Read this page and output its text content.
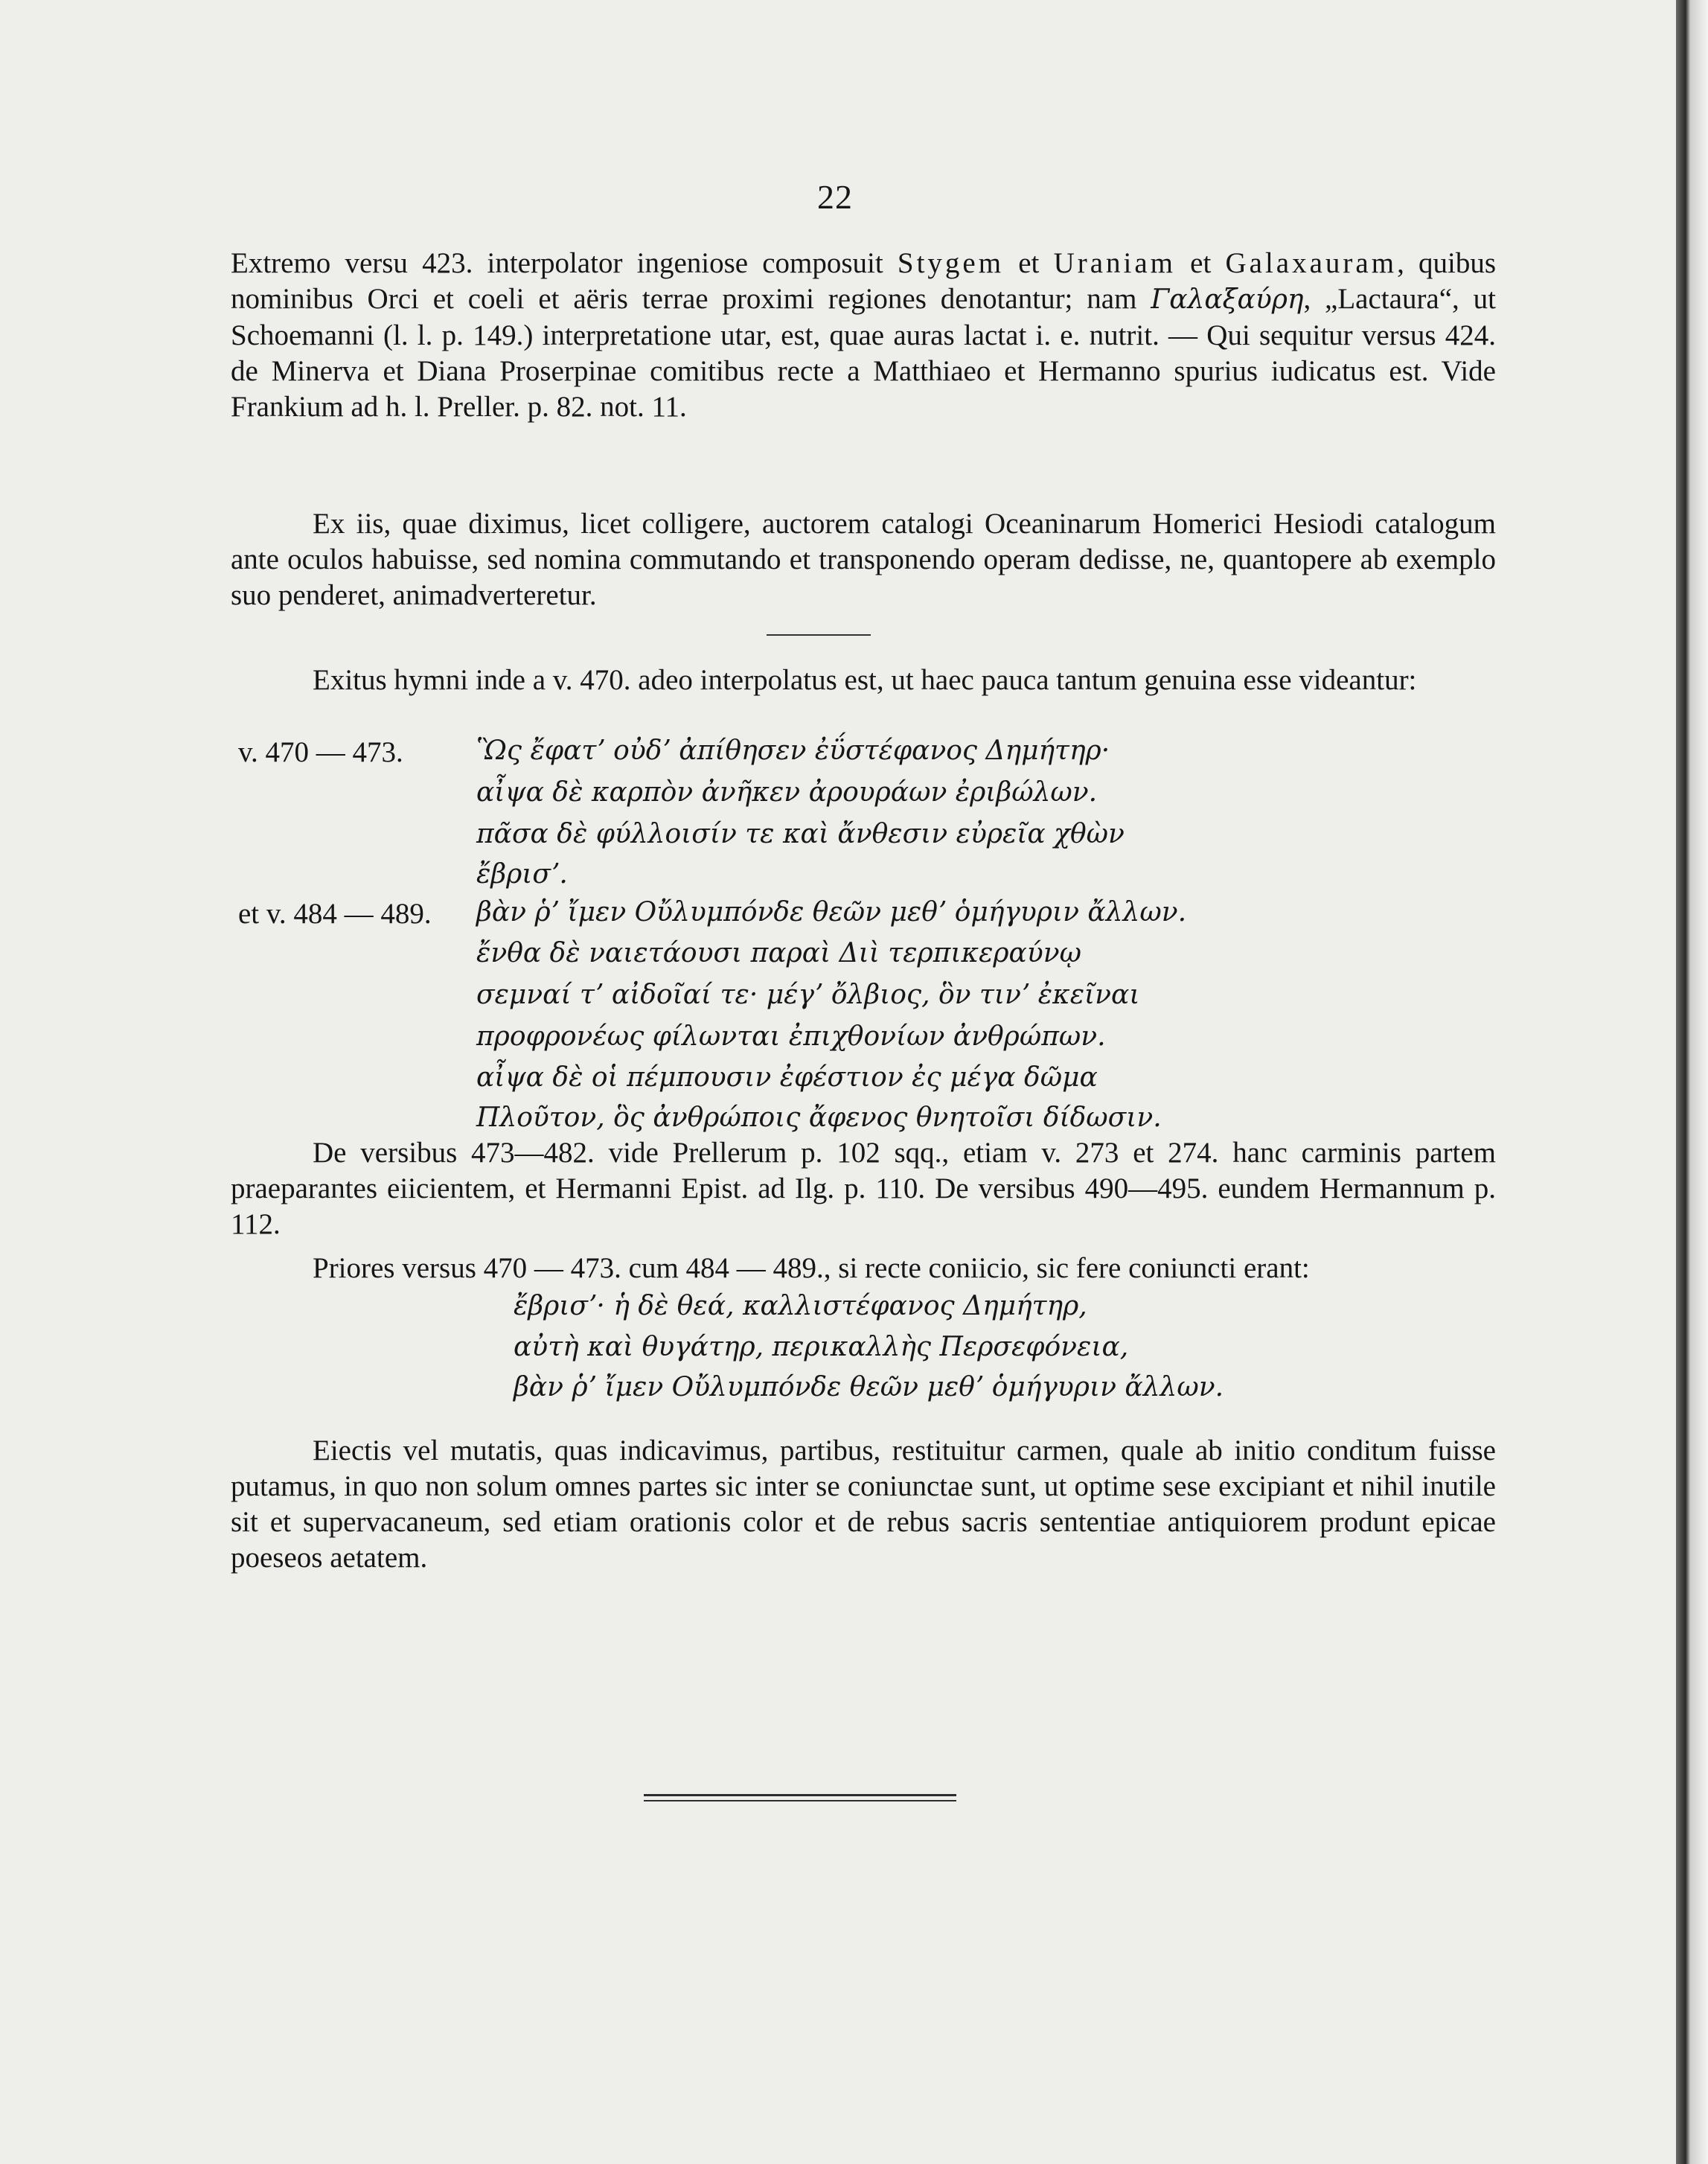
22

Extremo versu 423. interpolator ingeniose composuit Stygem et Uraniam et Galaxauram, quibus nominibus Orci et coeli et aëris terrae proximi regiones denotantur; nam Γαλαξαύρη, „Lactaura“, ut Schoemanni (l. l. p. 149.) interpretatione utar, est, quae auras lactat i. e. nutrit. — Qui sequitur versus 424. de Minerva et Diana Proserpinae comitibus recte a Matthiaeo et Hermanno spurius iudicatus est. Vide Frankium ad h. l. Preller. p. 82. not. 11.

Ex iis, quae diximus, licet colligere, auctorem catalogi Oceaninarum Homerici Hesiodi catalogum ante oculos habuisse, sed nomina commutando et transponendo operam dedisse, ne, quantopere ab exemplo suo penderet, animadverteretur.

Exitus hymni inde a v. 470. adeo interpolatus est, ut haec pauca tantum genuina esse videantur:

v. 470 — 473.	Ὣς ἔφατʼ οὐδʼ ἀπίθησεν ἐΰστέφανος Δημήτηρ·
αἶψα δὲ καρπὸν ἀνῆκεν ἀρουράων ἐριβώλων.
πᾶσα δὲ φύλλοισίν τε καὶ ἄνθεσιν εὐρεῖα χθὼν
ἔβρισʼ.
et v. 484 — 489. βὰν ῥʼ ἴμεν Οὔλυμπόνδε θεῶν μεθʼ ὁμήγυριν ἄλλων.
ἔνθα δὲ ναιετάουσι παραὶ Διὶ τερπικεραύνῳ
σεμναί τʼ αἰδοῖαί τε· μέγʼ ὄλβιος, ὃν τινʼ ἐκεῖναι
προφρονέως φίλωνται ἐπιχθονίων ἀνθρώπων.
αἶψα δὲ οἱ πέμπουσιν ἐφέστιον ἐς μέγα δῶμα
Πλοῦτον, ὃς ἀνθρώποις ἄφενος θνητοῖσι δίδωσιν.

De versibus 473—482. vide Prellerum p. 102 sqq., etiam v. 273 et 274. hanc carminis partem praeparantes eiicientem, et Hermanni Epist. ad Ilg. p. 110. De versibus 490—495. eundem Hermannum p. 112.

Priores versus 470 — 473. cum 484 — 489., si recte coniicio, sic fere coniuncti erant:

ἔβρισʼ· ἡ δὲ θεά, καλλιστέφανος Δημήτηρ,
αὐτὴ καὶ θυγάτηρ, περικαλλὴς Περσεφόνεια,
βὰν ῥʼ ἴμεν Οὔλυμπόνδε θεῶν μεθʼ ὁμήγυριν ἄλλων.

Eiectis vel mutatis, quas indicavimus, partibus, restituitur carmen, quale ab initio conditum fuisse putamus, in quo non solum omnes partes sic inter se coniunctae sunt, ut optime sese excipiant et nihil inutile sit et supervacaneum, sed etiam orationis color et de rebus sacris sententiae antiquiorem produnt epicae poeseos aetatem.
